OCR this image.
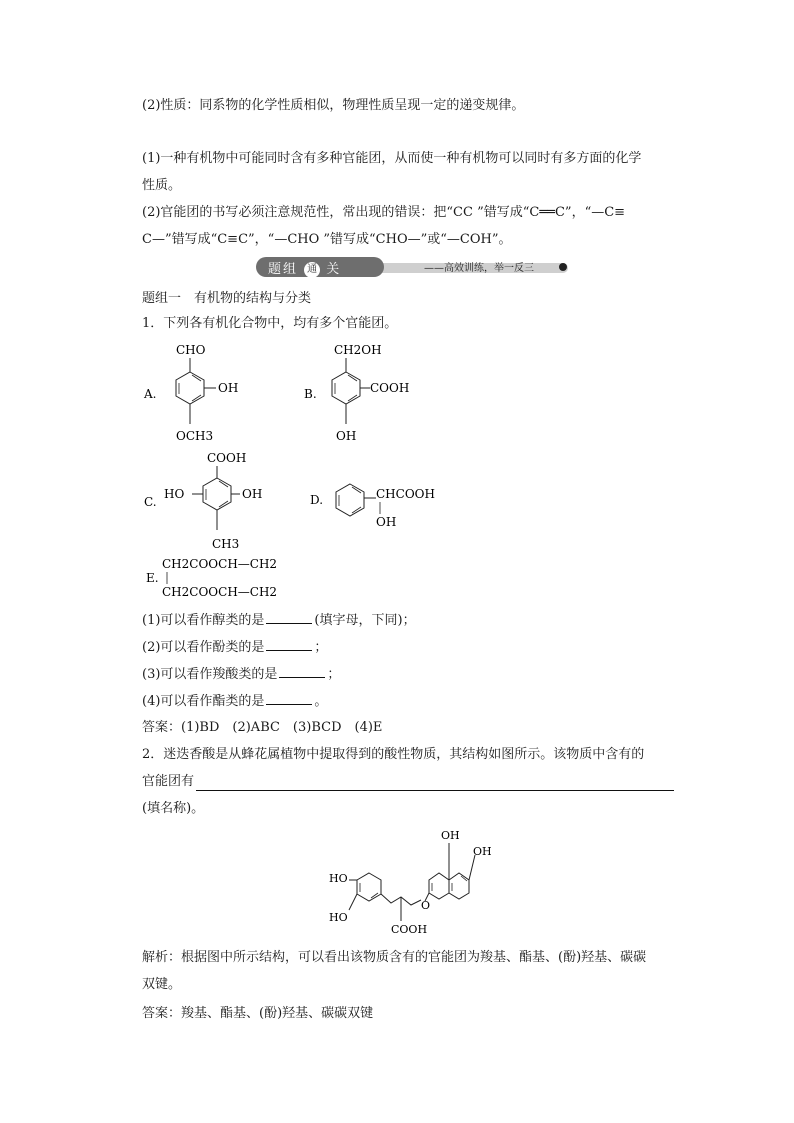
(2)性质：同系物的化学性质相似，物理性质呈现一定的递变规律。
(1)一种有机物中可能同时含有多种官能团，从而使一种有机物可以同时有多方面的化学
性质。
(2)官能团的书写必须注意规范性，常出现的错误：把“CC ”错写成“C══C”，“—C≡
C—”错写成“C≡C”，“—CHO ”错写成“CHO—”或“—COH”。
题组 通 关	——高效训练，举一反三
题组一　有机物的结构与分类
1．下列各有机化合物中，均有多个官能团。
A.
CHO
OH
OCH3
B.
CH2OH
COOH
OH
C.
COOH
HO	OH
CH3
D.	CHCOOH
OH
E.
CH2COOCH—CH2
CH2COOCH—CH2
(1)可以看作醇类的是	(填字母，下同)；
(2)可以看作酚类的是	；
(3)可以看作羧酸类的是	；
(4)可以看作酯类的是	。
答案：(1)BD　(2)ABC　(3)BCD　(4)E
2．迷迭香酸是从蜂花属植物中提取得到的酸性物质，其结构如图所示。该物质中含有的
官能团有
(填名称)。
HO
HO
COOH
O
OH
OH
解析：根据图中所示结构，可以看出该物质含有的官能团为羧基、酯基、(酚)羟基、碳碳
双键。
答案：羧基、酯基、(酚)羟基、碳碳双键
